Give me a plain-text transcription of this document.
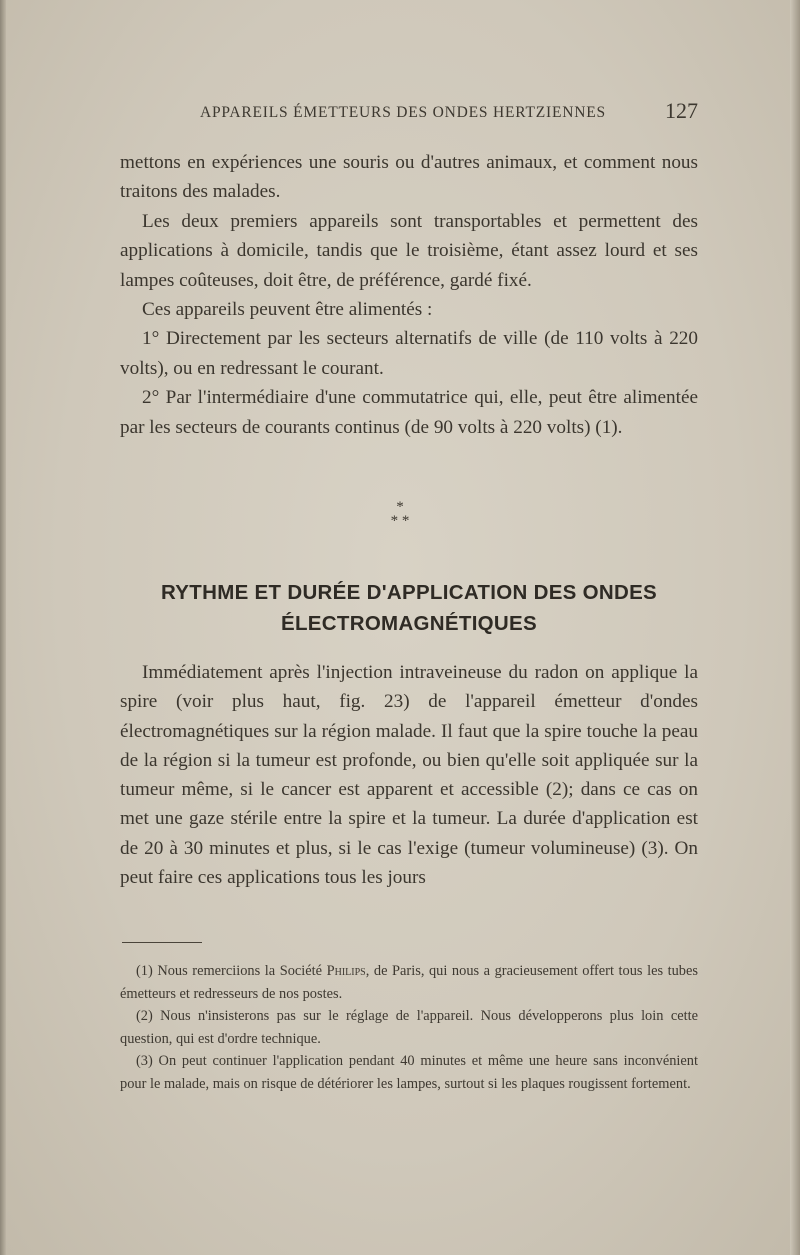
APPAREILS ÉMETTEURS DES ONDES HERTZIENNES	127

mettons en expériences une souris ou d'autres animaux, et comment nous traitons des malades.

Les deux premiers appareils sont transportables et permettent des applications à domicile, tandis que le troisième, étant assez lourd et ses lampes coûteuses, doit être, de préférence, gardé fixé.

Ces appareils peuvent être alimentés :

1° Directement par les secteurs alternatifs de ville (de 110 volts à 220 volts), ou en redressant le courant.

2° Par l'intermédiaire d'une commutatrice qui, elle, peut être alimentée par les secteurs de courants continus (de 90 volts à 220 volts) (1).

*
* *
RYTHME ET DURÉE D'APPLICATION DES ONDES
ÉLECTROMAGNÉTIQUES

Immédiatement après l'injection intraveineuse du radon on applique la spire (voir plus haut, fig. 23) de l'appareil émetteur d'ondes électromagnétiques sur la région malade. Il faut que la spire touche la peau de la région si la tumeur est profonde, ou bien qu'elle soit appliquée sur la tumeur même, si le cancer est apparent et accessible (2); dans ce cas on met une gaze stérile entre la spire et la tumeur. La durée d'application est de 20 à 30 minutes et plus, si le cas l'exige (tumeur volumineuse) (3). On peut faire ces applications tous les jours

(1) Nous remerciions la Société Philips, de Paris, qui nous a gracieusement offert tous les tubes émetteurs et redresseurs de nos postes.

(2) Nous n'insisterons pas sur le réglage de l'appareil. Nous développerons plus loin cette question, qui est d'ordre technique.

(3) On peut continuer l'application pendant 40 minutes et même une heure sans inconvénient pour le malade, mais on risque de détériorer les lampes, surtout si les plaques rougissent fortement.
